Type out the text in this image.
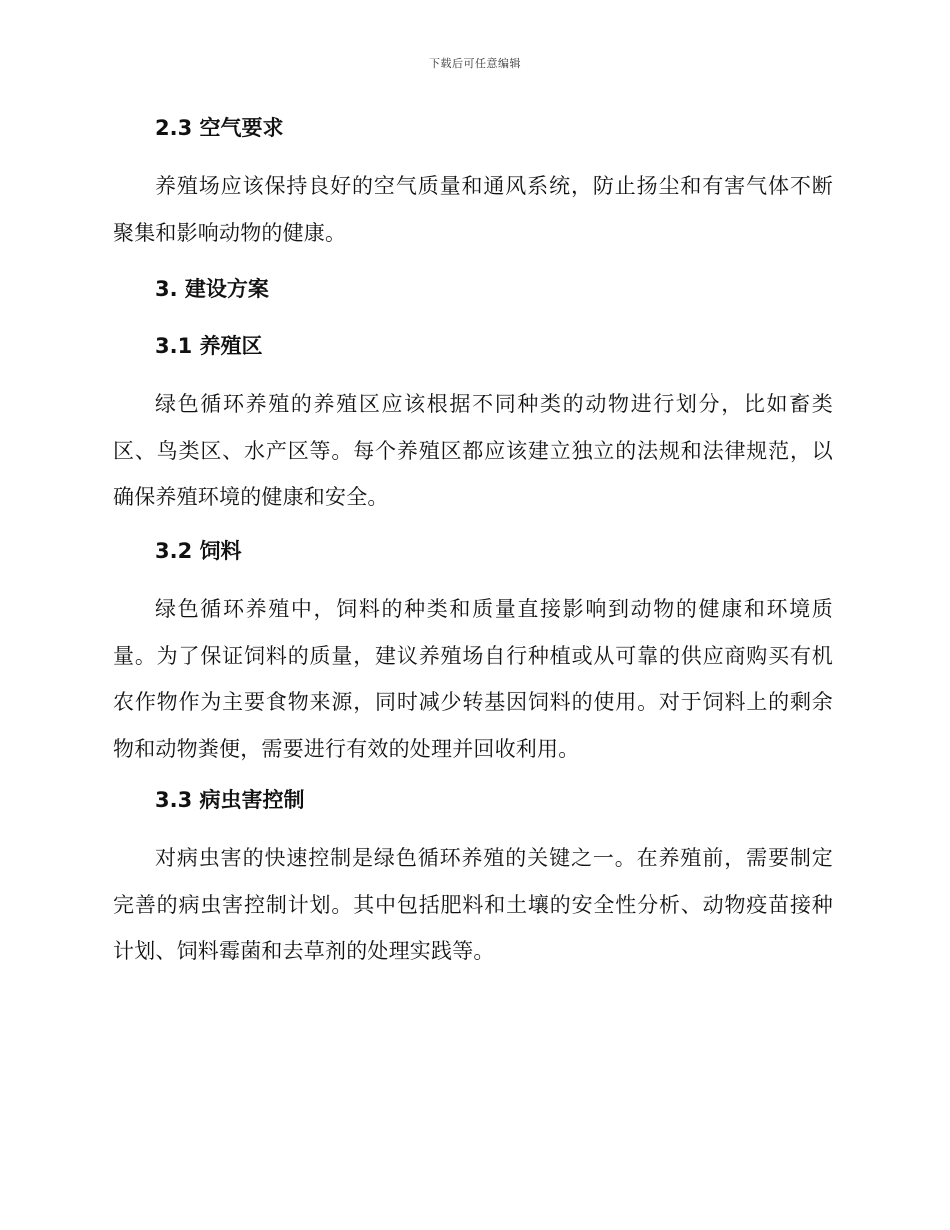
下载后可任意编辑
2.3 空气要求
养殖场应该保持良好的空气质量和通风系统，防止扬尘和有害气体不断聚集和影响动物的健康。
3. 建设方案
3.1 养殖区
绿色循环养殖的养殖区应该根据不同种类的动物进行划分，比如畜类区、鸟类区、水产区等。每个养殖区都应该建立独立的法规和法律规范，以确保养殖环境的健康和安全。
3.2 饲料
绿色循环养殖中，饲料的种类和质量直接影响到动物的健康和环境质量。为了保证饲料的质量，建议养殖场自行种植或从可靠的供应商购买有机农作物作为主要食物来源，同时减少转基因饲料的使用。对于饲料上的剩余物和动物粪便，需要进行有效的处理并回收利用。
3.3 病虫害控制
对病虫害的快速控制是绿色循环养殖的关键之一。在养殖前，需要制定完善的病虫害控制计划。其中包括肥料和土壤的安全性分析、动物疫苗接种计划、饲料霉菌和去草剂的处理实践等。
